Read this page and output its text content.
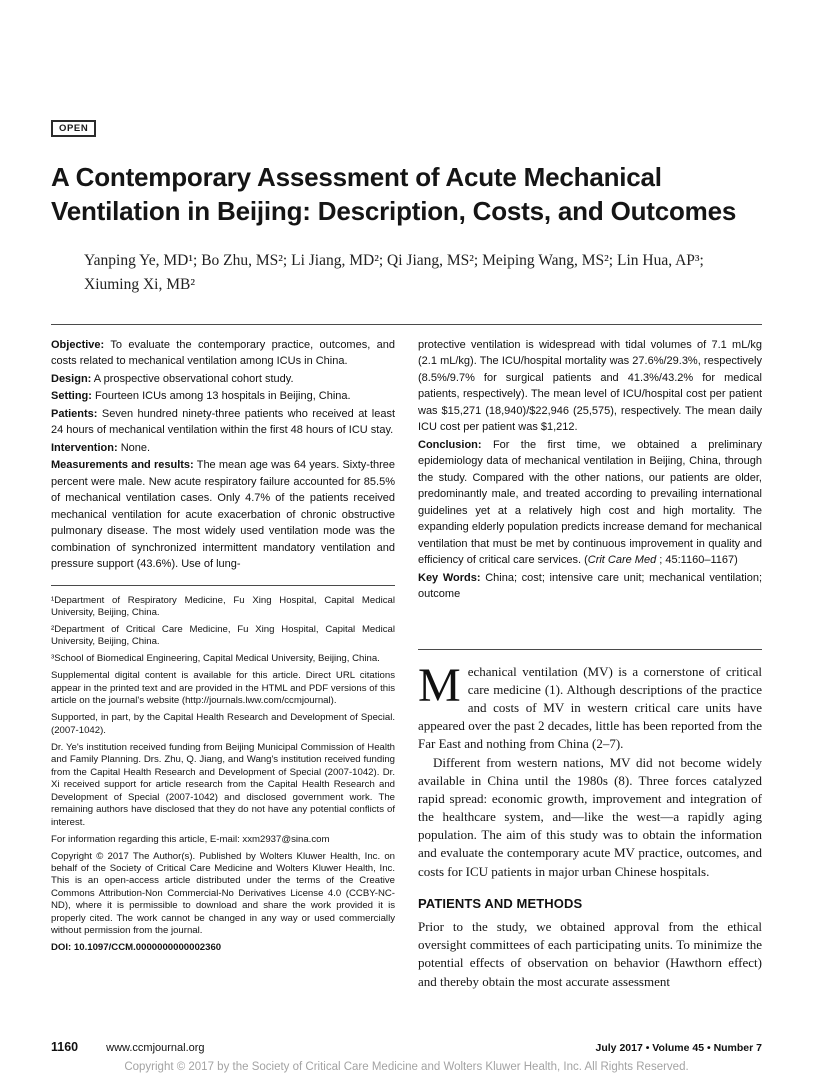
OPEN
A Contemporary Assessment of Acute Mechanical Ventilation in Beijing: Description, Costs, and Outcomes

Yanping Ye, MD¹; Bo Zhu, MS²; Li Jiang, MD²; Qi Jiang, MS²; Meiping Wang, MS²; Lin Hua, AP³; Xiuming Xi, MB²

Objective: To evaluate the contemporary practice, outcomes, and costs related to mechanical ventilation among ICUs in China.

Design: A prospective observational cohort study.

Setting: Fourteen ICUs among 13 hospitals in Beijing, China.

Patients: Seven hundred ninety-three patients who received at least 24 hours of mechanical ventilation within the first 48 hours of ICU stay.

Intervention: None.

Measurements and results: The mean age was 64 years. Sixty-three percent were male. New acute respiratory failure accounted for 85.5% of mechanical ventilation cases. Only 4.7% of the patients received mechanical ventilation for acute exacerbation of chronic obstructive pulmonary disease. The most widely used ventilation mode was the combination of synchronized intermittent mandatory ventilation and pressure support (43.6%). Use of lung-

¹Department of Respiratory Medicine, Fu Xing Hospital, Capital Medical University, Beijing, China.

²Department of Critical Care Medicine, Fu Xing Hospital, Capital Medical University, Beijing, China.

³School of Biomedical Engineering, Capital Medical University, Beijing, China.

Supplemental digital content is available for this article. Direct URL citations appear in the printed text and are provided in the HTML and PDF versions of this article on the journal's website (http://journals.lww.com/ccmjournal).

Supported, in part, by the Capital Health Research and Development of Special. (2007-1042).

Dr. Ye's institution received funding from Beijing Municipal Commission of Health and Family Planning. Drs. Zhu, Q. Jiang, and Wang's institution received funding from the Capital Health Research and Development of Special (2007-1042). Dr. Xi received support for article research from the Capital Health Research and Development of Special (2007-1042) and disclosed government work. The remaining authors have disclosed that they do not have any potential conflicts of interest.

For information regarding this article, E-mail: xxm2937@sina.com

Copyright © 2017 The Author(s). Published by Wolters Kluwer Health, Inc. on behalf of the Society of Critical Care Medicine and Wolters Kluwer Health, Inc. This is an open-access article distributed under the terms of the Creative Commons Attribution-Non Commercial-No Derivatives License 4.0 (CCBY-NC-ND), where it is permissible to download and share the work provided it is properly cited. The work cannot be changed in any way or used commercially without permission from the journal.

DOI: 10.1097/CCM.0000000000002360

protective ventilation is widespread with tidal volumes of 7.1 mL/kg (2.1 mL/kg). The ICU/hospital mortality was 27.6%/29.3%, respectively (8.5%/9.7% for surgical patients and 41.3%/43.2% for medical patients, respectively). The mean level of ICU/hospital cost per patient was $15,271 (18,940)/$22,946 (25,575), respectively. The mean daily ICU cost per patient was $1,212.

Conclusion: For the first time, we obtained a preliminary epidemiology data of mechanical ventilation in Beijing, China, through the study. Compared with the other nations, our patients are older, predominantly male, and treated according to prevailing international guidelines yet at a relatively high cost and high mortality. The expanding elderly population predicts increase demand for mechanical ventilation that must be met by continuous improvement in quality and efficiency of critical care services. (Crit Care Med ; 45:1160–1167)

Key Words: China; cost; intensive care unit; mechanical ventilation; outcome

Mechanical ventilation (MV) is a cornerstone of critical care medicine (1). Although descriptions of the practice and costs of MV in western critical care units have appeared over the past 2 decades, little has been reported from the Far East and nothing from China (2–7).

Different from western nations, MV did not become widely available in China until the 1980s (8). Three forces catalyzed rapid spread: economic growth, improvement and integration of the healthcare system, and—like the west—a rapidly aging population. The aim of this study was to obtain the information and evaluate the contemporary acute MV practice, outcomes, and costs for ICU patients in major urban Chinese hospitals.

PATIENTS AND METHODS

Prior to the study, we obtained approval from the ethical oversight committees of each participating units. To minimize the potential effects of observation on behavior (Hawthorn effect) and thereby obtain the most accurate assessment

1160	www.ccmjournal.org	July 2017 • Volume 45 • Number 7
Copyright © 2017 by the Society of Critical Care Medicine and Wolters Kluwer Health, Inc. All Rights Reserved.
